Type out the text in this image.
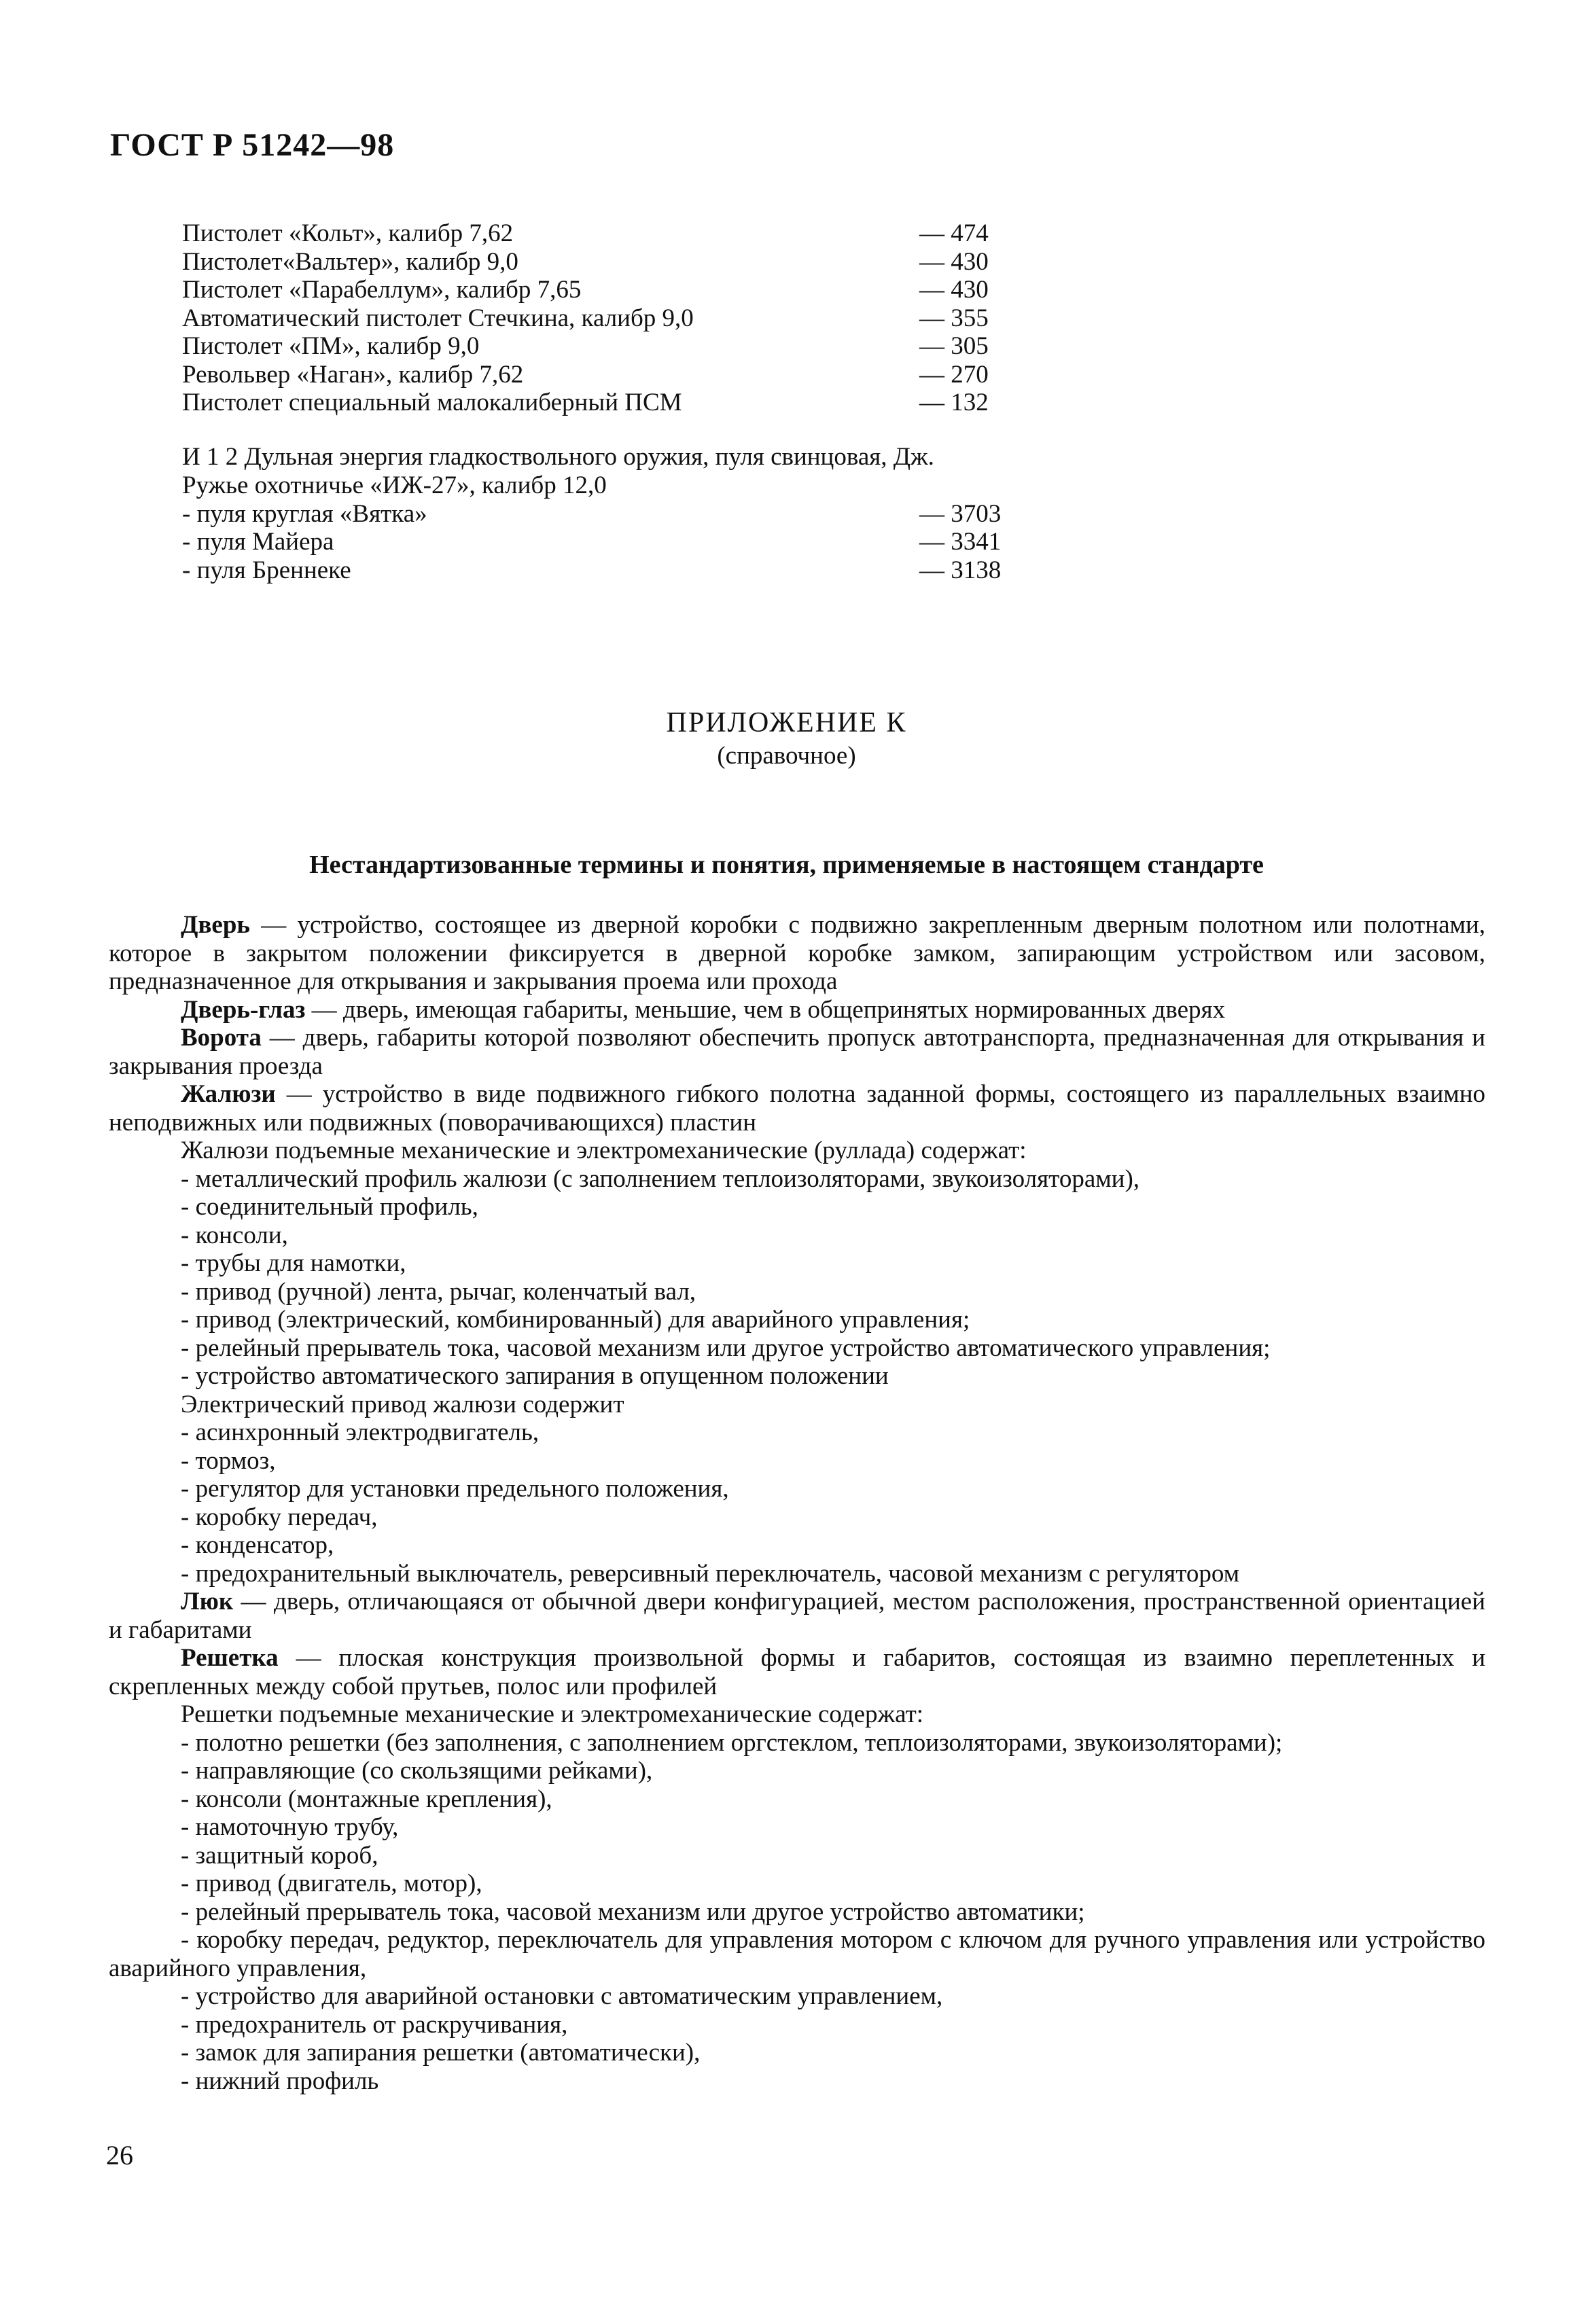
ГОСТ Р 51242—98
Пистолет «Кольт», калибр 7,62	— 474
Пистолет«Вальтер», калибр 9,0	— 430
Пистолет «Парабеллум», калибр 7,65	— 430
Автоматический пистолет Стечкина, калибр 9,0	— 355
Пистолет «ПМ», калибр 9,0	— 305
Револьвер «Наган», калибр 7,62	— 270
Пистолет специальный малокалиберный ПСМ	— 132
И 1 2 Дульная энергия гладкоствольного оружия, пуля свинцовая, Дж.
Ружье охотничье «ИЖ-27», калибр 12,0
- пуля круглая «Вятка»	— 3703
- пуля Майера	— 3341
- пуля Бреннеке	— 3138
ПРИЛОЖЕНИЕ К
(справочное)
Нестандартизованные термины и понятия, применяемые в настоящем стандарте

Дверь — устройство, состоящее из дверной коробки с подвижно закрепленным дверным полотном или полотнами, которое в закрытом положении фиксируется в дверной коробке замком, запирающим устройством или засовом, предназначенное для открывания и закрывания проема или прохода

Дверь-глаз — дверь, имеющая габариты, меньшие, чем в общепринятых нормированных дверях

Ворота — дверь, габариты которой позволяют обеспечить пропуск автотранспорта, предназначенная для открывания и закрывания проезда

Жалюзи — устройство в виде подвижного гибкого полотна заданной формы, состоящего из параллельных взаимно неподвижных или подвижных (поворачивающихся) пластин

Жалюзи подъемные механические и электромеханические (руллада) содержат:

- металлический профиль жалюзи (с заполнением теплоизоляторами, звукоизоляторами),

- соединительный профиль,

- консоли,

- трубы для намотки,

- привод (ручной) лента, рычаг, коленчатый вал,

- привод (электрический, комбинированный) для аварийного управления;

- релейный прерыватель тока, часовой механизм или другое устройство автоматического управления;

- устройство автоматического запирания в опущенном положении

Электрический привод жалюзи содержит

- асинхронный электродвигатель,

- тормоз,

- регулятор для установки предельного положения,

- коробку передач,

- конденсатор,

- предохранительный выключатель, реверсивный переключатель, часовой механизм с регулятором

Люк — дверь, отличающаяся от обычной двери конфигурацией, местом расположения, пространственной ориентацией и габаритами

Решетка — плоская конструкция произвольной формы и габаритов, состоящая из взаимно переплетенных и скрепленных между собой прутьев, полос или профилей

Решетки подъемные механические и электромеханические содержат:

- полотно решетки (без заполнения, с заполнением оргстеклом, теплоизоляторами, звукоизоляторами);

- направляющие (со скользящими рейками),

- консоли (монтажные крепления),

- намоточную трубу,

- защитный короб,

- привод (двигатель, мотор),

- релейный прерыватель тока, часовой механизм или другое устройство автоматики;

- коробку передач, редуктор, переключатель для управления мотором с ключом для ручного управления или устройство аварийного управления,

- устройство для аварийной остановки с автоматическим управлением,

- предохранитель от раскручивания,

- замок для запирания решетки (автоматически),

- нижний профиль

26
